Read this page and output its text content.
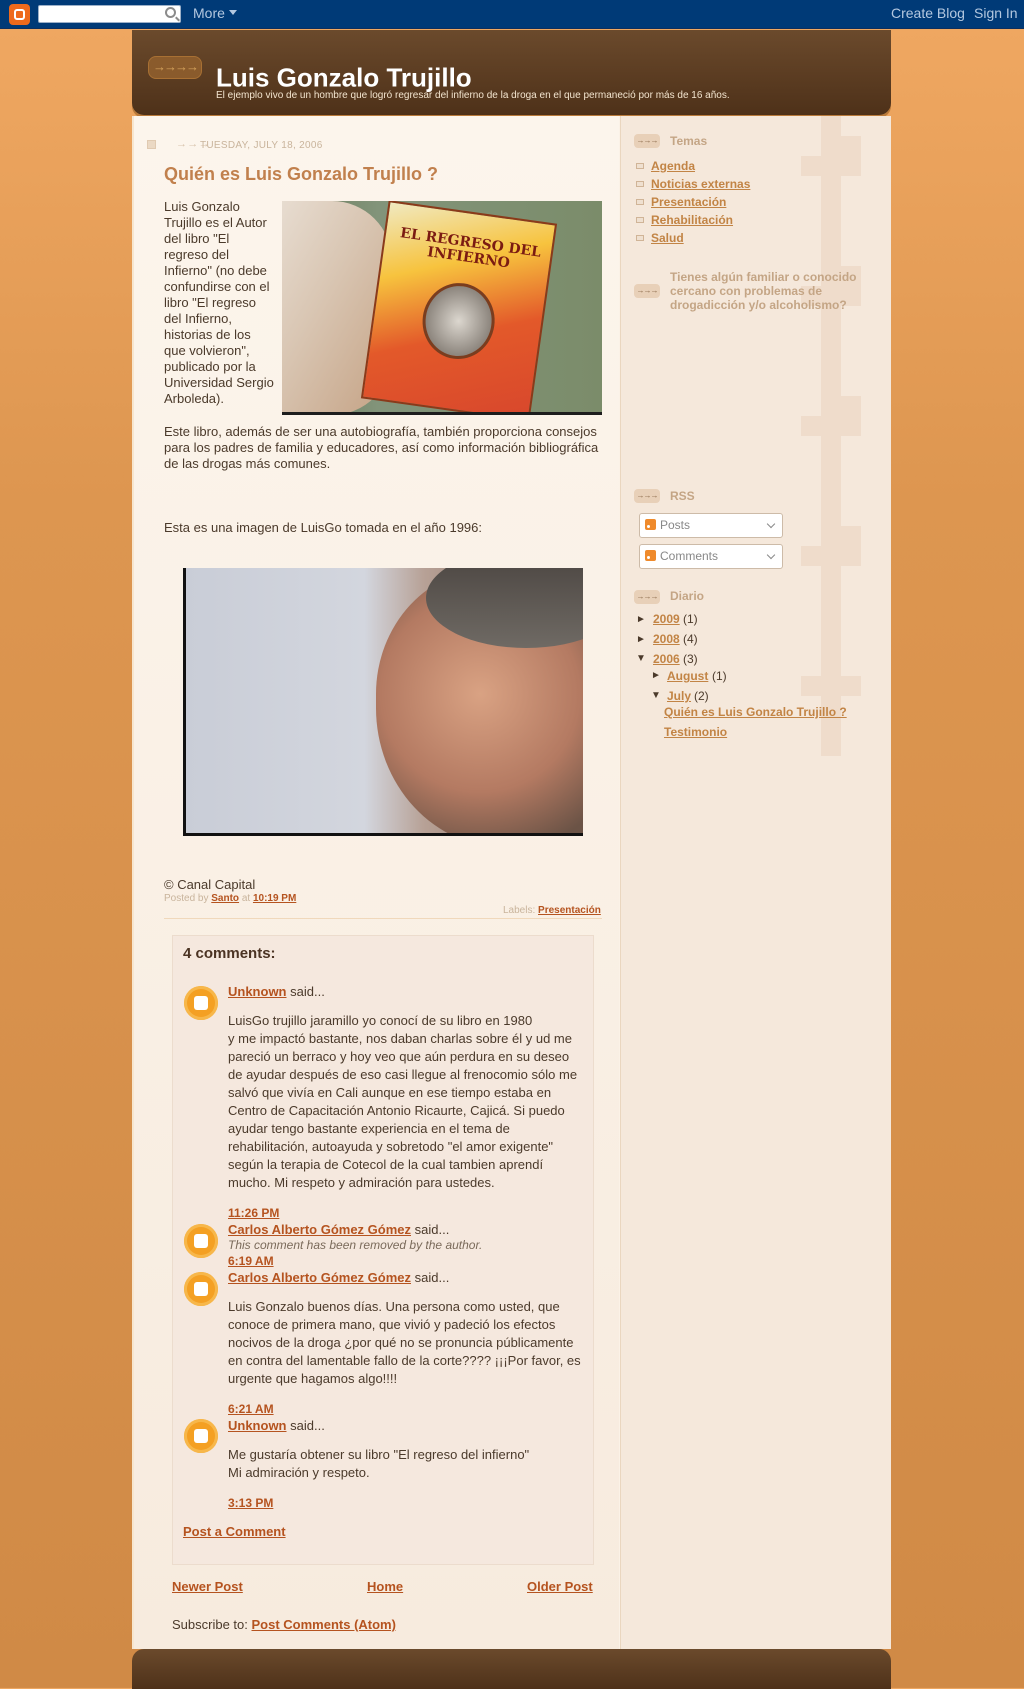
More	Create Blog Sign In
→→→→ Luis Gonzalo Trujillo
El ejemplo vivo de un hombre que logró regresar del infierno de la droga en el que permaneció por más de 16 años.
→→→
TUESDAY, JULY 18, 2006
Quién es Luis Gonzalo Trujillo ?
Luis Gonzalo Trujillo es el Autor del libro "El regreso del Infierno" (no debe confundirse con el libro "El regreso del Infierno, historias de los que volvieron", publicado por la Universidad Sergio Arboleda).
EL REGRESO DEL INFIERNO
Este libro, además de ser una autobiografía, también proporciona consejos para los padres de familia y educadores, así como información bibliográfica de las drogas más comunes.
Esta es una imagen de LuisGo tomada en el año 1996:
© Canal Capital
Posted by Santo at 10:19 PM
Labels: Presentación
4 comments:
Unknown said...
LuisGo trujillo jaramillo yo conocí de su libro en 1980
y me impactó bastante, nos daban charlas sobre él y ud me pareció un berraco y hoy veo que aún perdura en su deseo de ayudar después de eso casi llegue al frenocomio sólo me salvó que vivía en Cali aunque en ese tiempo estaba en Centro de Capacitación Antonio Ricaurte, Cajicá. Si puedo ayudar tengo bastante experiencia en el tema de rehabilitación, autoayuda y sobretodo "el amor exigente" según la terapia de Cotecol de la cual tambien aprendí mucho. Mi respeto y admiración para ustedes.
11:26 PM
Carlos Alberto Gómez Gómez said...
This comment has been removed by the author.
6:19 AM
Carlos Alberto Gómez Gómez said...
Luis Gonzalo buenos días. Una persona como usted, que conoce de primera mano, que vivió y padeció los efectos nocivos de la droga ¿por qué no se pronuncia públicamente en contra del lamentable fallo de la corte???? ¡¡¡Por favor, es urgente que hagamos algo!!!!
6:21 AM
Unknown said...
Me gustaría obtener su libro "El regreso del infierno"
Mi admiración y respeto.
3:13 PM
Post a Comment
Newer Post	Home	Older Post
Subscribe to: Post Comments (Atom)
→→→ Temas
Agenda
Noticias externas
Presentación
Rehabilitación
Salud
→→→
Tienes algún familiar o conocido cercano con problemas de drogadicción y/o alcoholismo?
→→→ RSS
Posts
Comments
→→→ Diario
► 2009 (1)
► 2008 (4)
▼ 2006 (3)
► August (1)
▼ July (2)
Quién es Luis Gonzalo Trujillo ?
Testimonio
